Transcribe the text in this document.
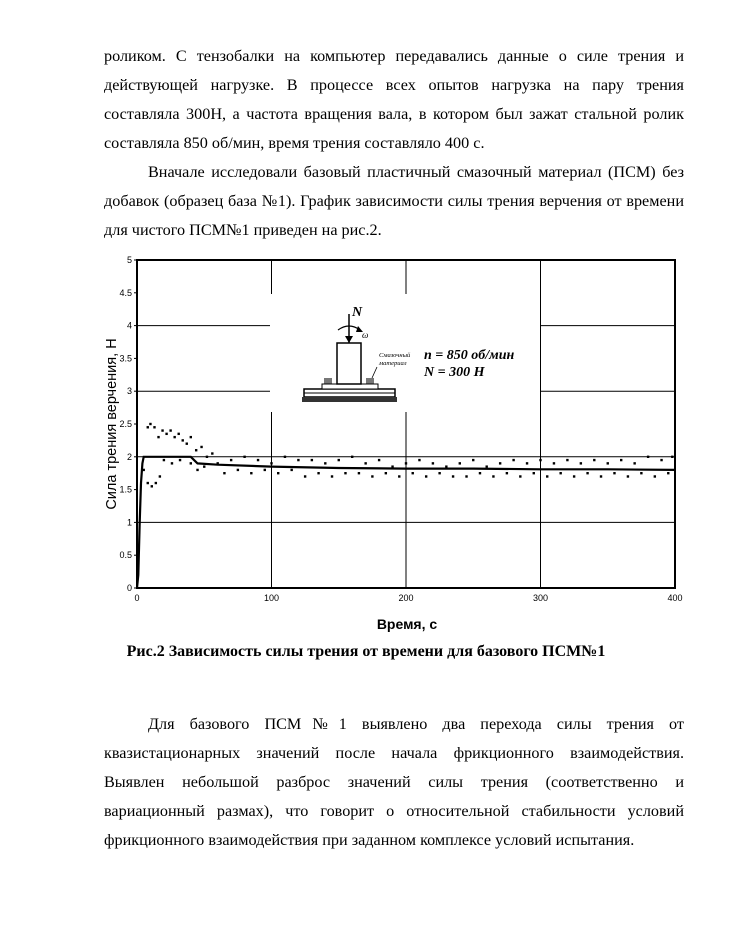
роликом. С тензобалки на компьютер передавались данные о силе трения и действующей нагрузке. В процессе всех опытов нагрузка на пару трения составляла 300Н, а частота вращения вала, в котором был зажат стальной ролик составляла 850 об/мин, время трения составляло 400 с.

Вначале исследовали базовый пластичный смазочный материал (ПСМ) без добавок (образец база №1). График зависимости силы трения верчения от времени для чистого ПСМ№1 приведен на рис.2.

N
ω
Смазочный
материал
n = 850 об/мин
N = 300 Н
0	100	200	300	400
0
0.5
1
1.5
2
2.5
3
3.5
4
4.5
5
Время, с
Сила трения верчения, Н

Рис.2 Зависимость силы трения от времени для базового ПСМ№1

Для базового ПСМ№1 выявлено два перехода силы трения от квазистационарных значений после начала фрикционного взаимодействия. Выявлен небольшой разброс значений силы трения (соответственно и вариационный размах), что говорит о относительной стабильности условий фрикционного взаимодействия при заданном комплексе условий испытания.
